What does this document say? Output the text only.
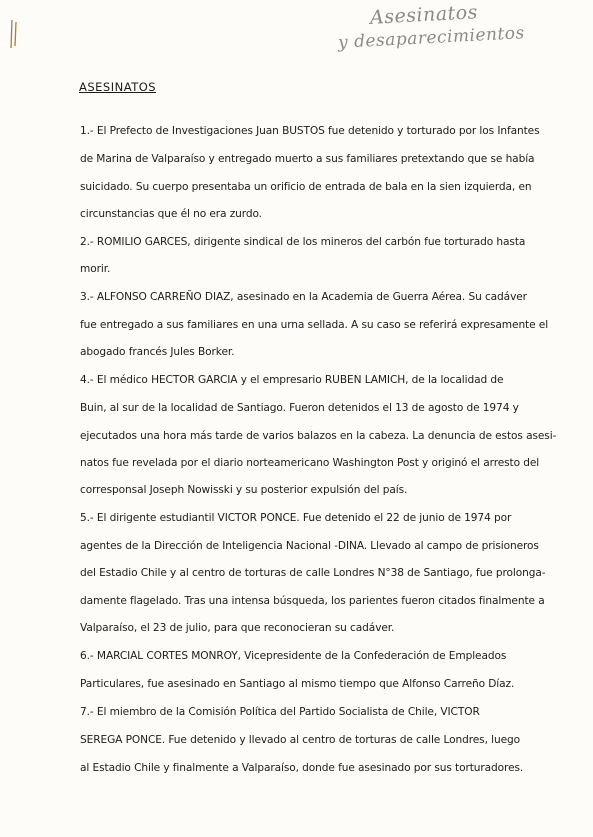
Asesinatos
y desaparecimientos
ASESINATOS
1.- El Prefecto de Investigaciones Juan BUSTOS fue detenido y torturado por los Infantes
de Marina de Valparaíso y entregado muerto a sus familiares pretextando que se había
suicidado. Su cuerpo presentaba un orificio de entrada de bala en la sien izquierda, en
circunstancias que él no era zurdo.
2.- ROMILIO GARCES, dirigente sindical de los mineros del carbón fue torturado hasta
morir.
3.- ALFONSO CARREÑO DIAZ, asesinado en la Academia de Guerra Aérea. Su cadáver
fue entregado a sus familiares en una urna sellada. A su caso se referirá expresamente el
abogado francés Jules Borker.
4.- El médico HECTOR GARCIA y el empresario RUBEN LAMICH, de la localidad de
Buin, al sur de la localidad de Santiago. Fueron detenidos el 13 de agosto de 1974 y
ejecutados una hora más tarde de varios balazos en la cabeza. La denuncia de estos asesi-
natos fue revelada por el diario norteamericano Washington Post y originó el arresto del
corresponsal Joseph Nowisski y su posterior expulsión del país.
5.- El dirigente estudiantil VICTOR PONCE. Fue detenido el 22 de junio de 1974 por
agentes de la Dirección de Inteligencia Nacional -DINA. Llevado al campo de prisioneros
del Estadio Chile y al centro de torturas de calle Londres N°38 de Santiago, fue prolonga-
damente flagelado. Tras una intensa búsqueda, los parientes fueron citados finalmente a
Valparaíso, el 23 de julio, para que reconocieran su cadáver.
6.- MARCIAL CORTES MONROY, Vicepresidente de la Confederación de Empleados
Particulares, fue asesinado en Santiago al mismo tiempo que Alfonso Carreño Díaz.
7.- El miembro de la Comisión Política del Partido Socialista de Chile, VICTOR
SEREGA PONCE. Fue detenido y llevado al centro de torturas de calle Londres, luego
al Estadio Chile y finalmente a Valparaíso, donde fue asesinado por sus torturadores.
